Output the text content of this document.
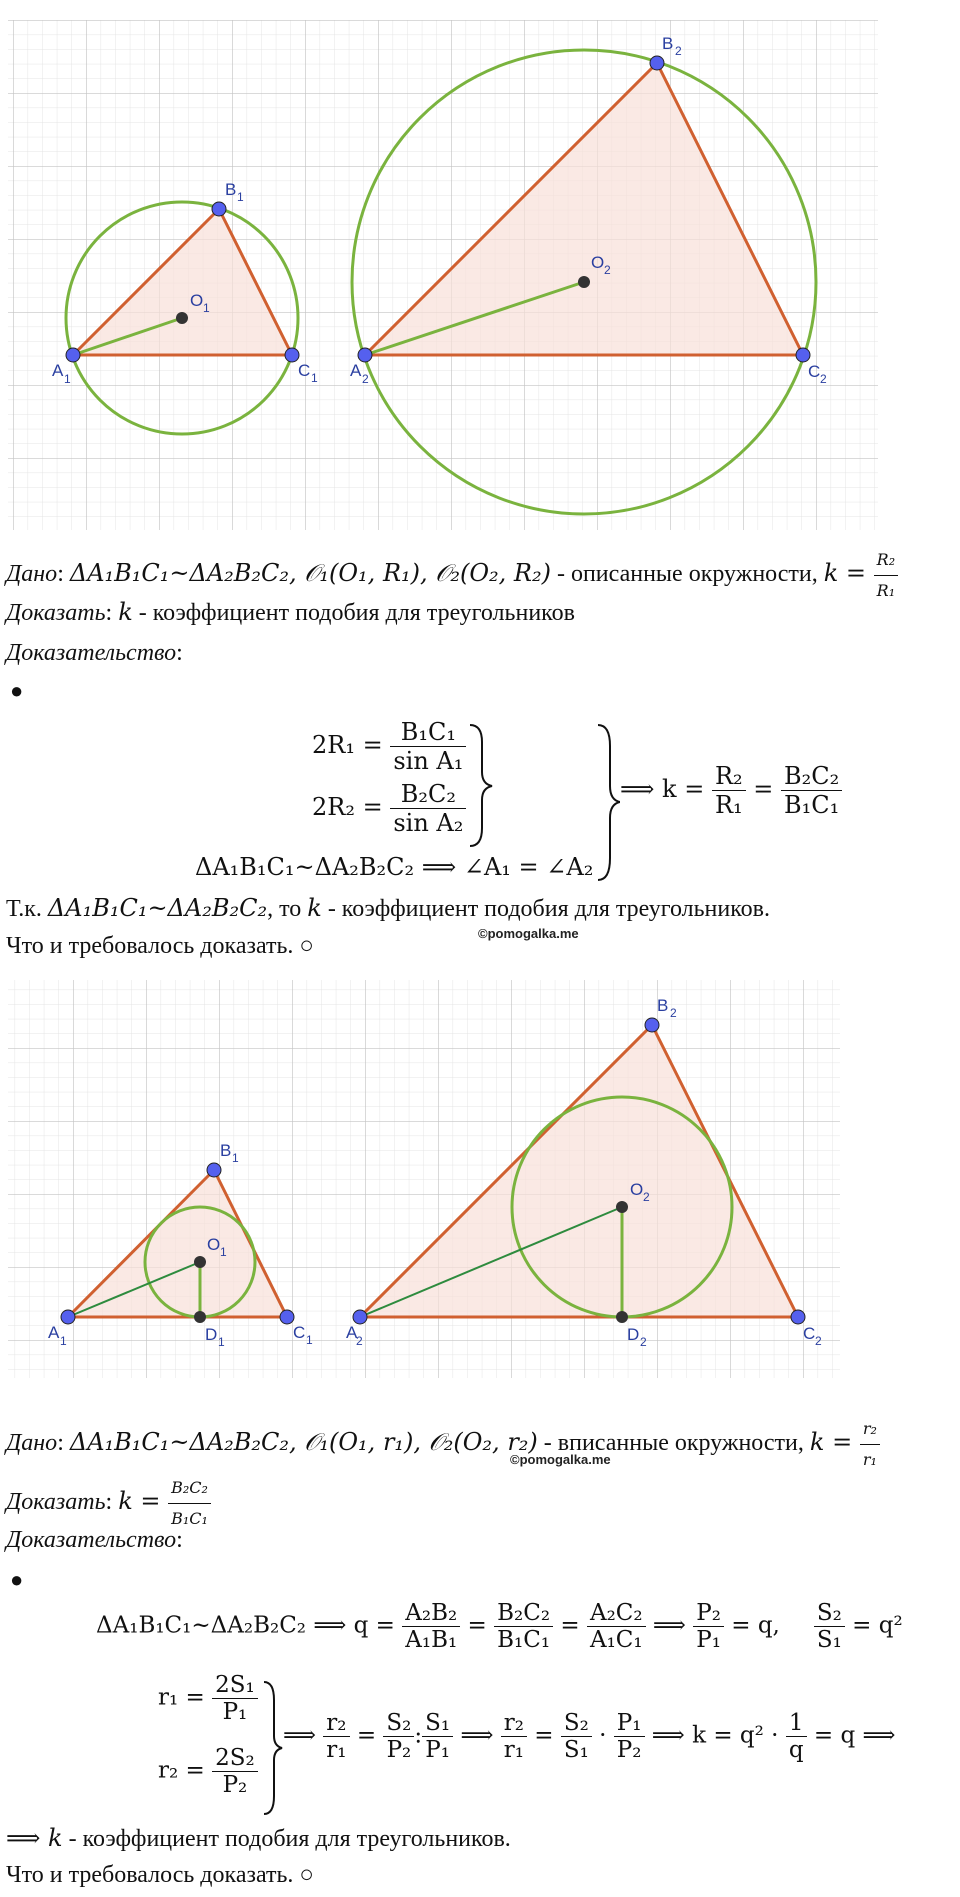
A 1
B 1
C 1
O 1
A 2
B 2
C 2
O 2
Дано: ΔA₁B₁C₁~ΔA₂B₂C₂, 𝒪₁(O₁, R₁), 𝒪₂(O₂, R₂) - описанные окружности, $k = \frac{\text{R₂}}{\text{R₁}}$
Доказать: k - коэффициент подобия для треугольников
Доказательство:
●
$2R_1 = \frac{\text{B₁C₁}}{\text{sin A₁}}$
$2R_2 = \frac{\text{B₂C₂}}{\text{sin A₂}}$
ΔA₁B₁C₁~ΔA₂B₂C₂ ⟹ ∠A₁ = ∠A₂
⟹ $k = \frac{\text{R₂}}{\text{R₁}} = \frac{\text{B₂C₂}}{\text{B₁C₁}}$
Т.к. ΔA₁B₁C₁~ΔA₂B₂C₂, то k - коэффициент подобия для треугольников.
©pomogalka.me
Что и требовалось доказать. ○
A 1
B 1
C 1
O 1
D 1	A
2
B 2
C 2
O 2
D 2
Дано: ΔA₁B₁C₁~ΔA₂B₂C₂, 𝒪₁(O₁, r₁), 𝒪₂(O₂, r₂) - вписанные окружности, $k = \frac{\text{r₂}}{\text{r₁}}$
©pomogalka.me
Доказать: $k = \frac{\text{B₂C₂}}{\text{B₁C₁}}$
Доказательство:
●
ΔA₁B₁C₁~ΔA₂B₂C₂ ⟹ $q = \frac{\text{A₂B₂}}{\text{A₁B₁}} = \frac{\text{B₂C₂}}{\text{B₁C₁}} = \frac{\text{A₂C₂}}{\text{A₁C₁}}$ ⟹ $\frac{\text{P₂}}{\text{P₁}} = q$, $\frac{\text{S₂}}{\text{S₁}} = q^2$
$r_1 = \frac{\text{2S₁}}{\text{P₁}}$
$r_2 = \frac{\text{2S₂}}{\text{P₂}}$
⟹ $\frac{\text{r₂}}{\text{r₁}} = \frac{\text{S₂}}{\text{P₂}}$ : $\frac{\text{S₁}}{\text{P₁}}$ ⟹ $\frac{\text{r₂}}{\text{r₁}} = \frac{\text{S₂}}{\text{S₁}} \cdot \frac{\text{P₁}}{\text{P₂}}$ ⟹ $k = q^2 \cdot \frac{1}{q} = q$ ⟹
⟹ k - коэффициент подобия для треугольников.
Что и требовалось доказать. ○
